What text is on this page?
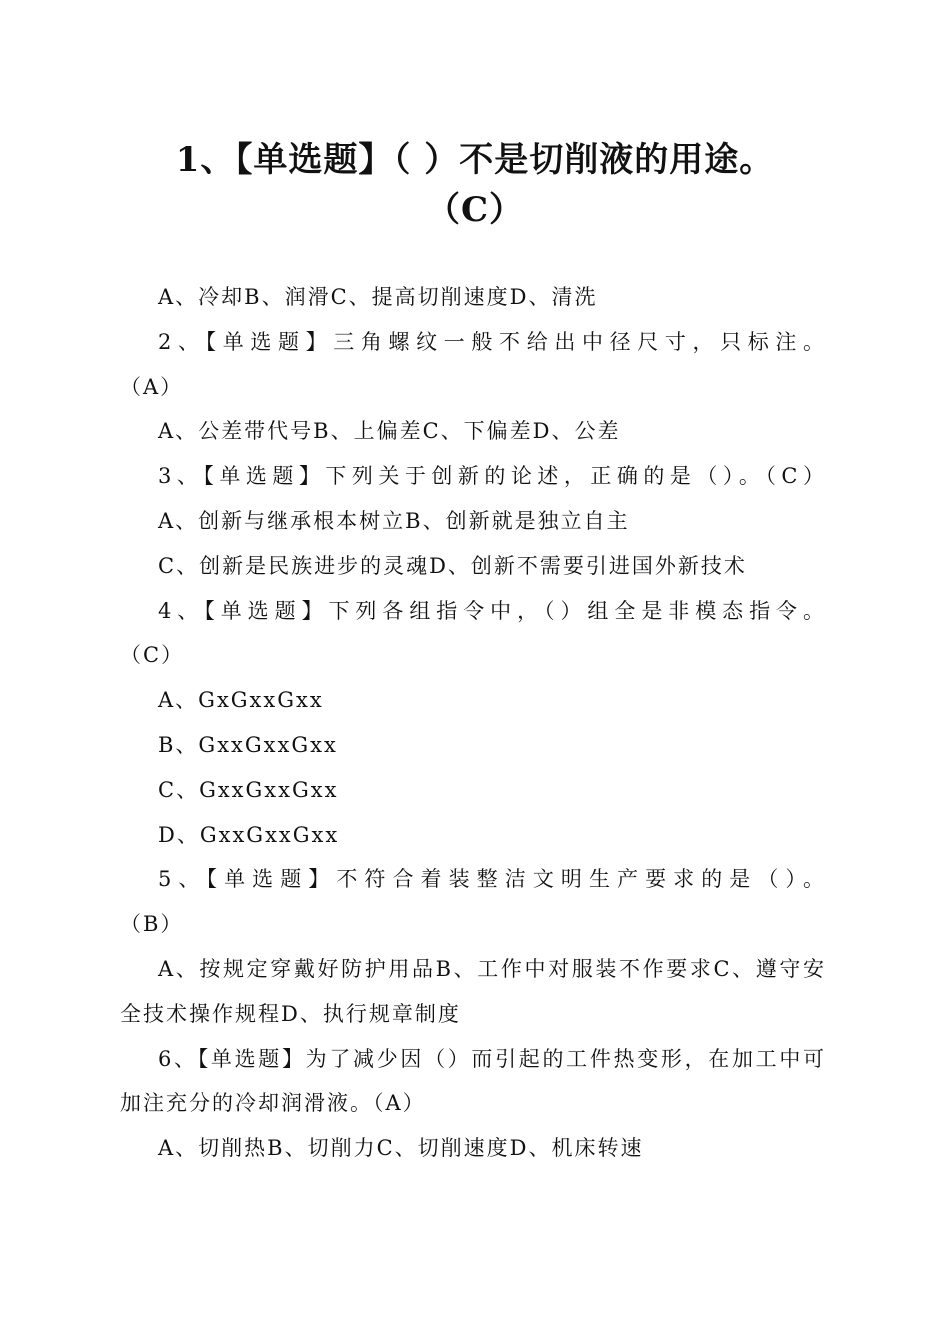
1、【单选题】（ ）不是切削液的用途。
（C）

A、冷却B、润滑C、提高切削速度D、清洗

2、【单选题】三角螺纹一般不给出中径尺寸，只标注。

（A）

A、公差带代号B、上偏差C、下偏差D、公差

3、【单选题】下列关于创新的论述，正确的是（）。（C）

A、创新与继承根本树立B、创新就是独立自主

C、创新是民族进步的灵魂D、创新不需要引进国外新技术

4、【单选题】下列各组指令中，（）组全是非模态指令。

（C）

A、GxGxxGxx

B、GxxGxxGxx

C、GxxGxxGxx

D、GxxGxxGxx

5、【单选题】不符合着装整洁文明生产要求的是（）。

（B）

A、按规定穿戴好防护用品B、工作中对服装不作要求C、遵守安全技术操作规程D、执行规章制度

6、【单选题】为了减少因（）而引起的工件热变形，在加工中可加注充分的冷却润滑液。（A）

A、切削热B、切削力C、切削速度D、机床转速
